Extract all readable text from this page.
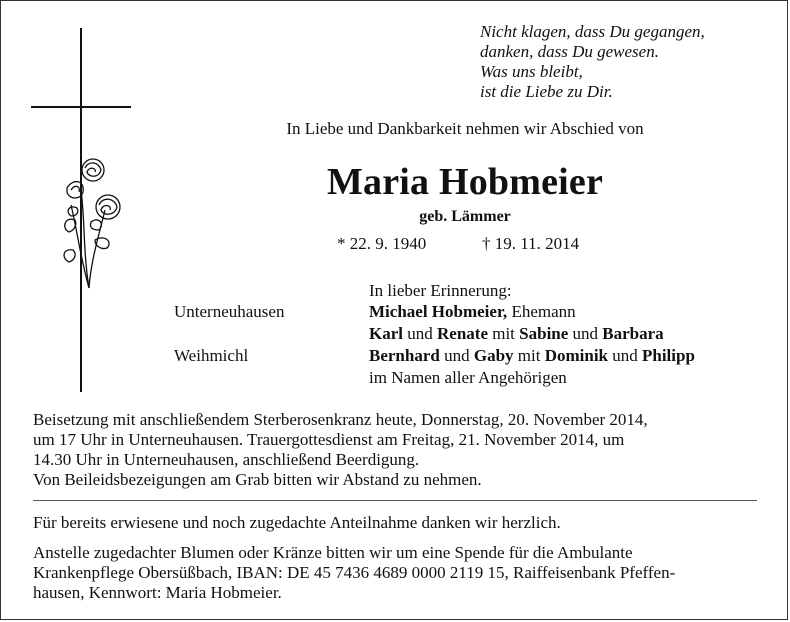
Nicht klagen, dass Du gegangen,
danken, dass Du gewesen.
Was uns bleibt,
ist die Liebe zu Dir.
In Liebe und Dankbarkeit nehmen wir Abschied von
Maria Hobmeier
geb. Lämmer
* 22. 9. 1940	† 19. 11. 2014
In lieber Erinnerung:
Unterneuhausen
Weihmichl
Michael Hobmeier, Ehemann
Karl und Renate mit Sabine und Barbara
Bernhard und Gaby mit Dominik und Philipp
im Namen aller Angehörigen
Beisetzung mit anschließendem Sterberosenkranz heute, Donnerstag, 20. November 2014,
um 17 Uhr in Unterneuhausen. Trauergottesdienst am Freitag, 21. November 2014, um
14.30 Uhr in Unterneuhausen, anschließend Beerdigung.
Von Beileidsbezeigungen am Grab bitten wir Abstand zu nehmen.
Für bereits erwiesene und noch zugedachte Anteilnahme danken wir herzlich.
Anstelle zugedachter Blumen oder Kränze bitten wir um eine Spende für die Ambulante
Krankenpflege Obersüßbach, IBAN: DE 45 7436 4689 0000 2119 15, Raiffeisenbank Pfeffen-
hausen, Kennwort: Maria Hobmeier.
